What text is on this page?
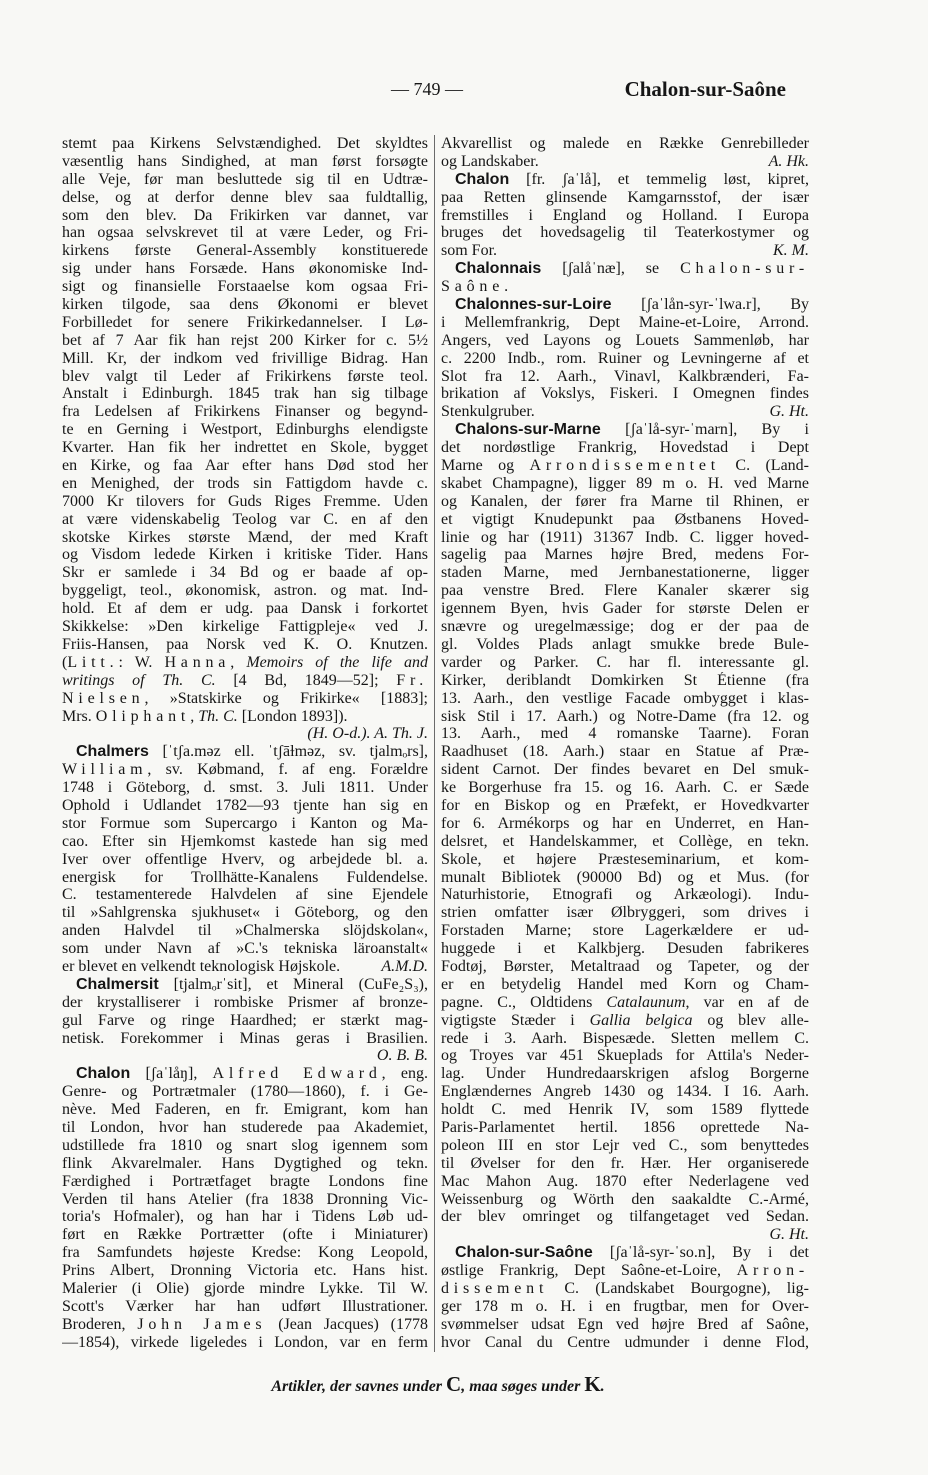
— 749 —	Chalon-sur-Saône
stemt paa Kirkens Selvstændighed. Det skyldtes
væsentlig hans Sindighed, at man først forsøgte
alle Veje, før man besluttede sig til en Udtræ-
delse, og at derfor denne blev saa fuldtallig,
som den blev. Da Frikirken var dannet, var
han ogsaa selvskrevet til at være Leder, og Fri-
kirkens første General-Assembly konstituerede
sig under hans Forsæde. Hans økonomiske Ind-
sigt og finansielle Forstaaelse kom ogsaa Fri-
kirken tilgode, saa dens Økonomi er blevet
Forbilledet for senere Frikirkedannelser. I Lø-
bet af 7 Aar fik han rejst 200 Kirker for c. 5½
Mill. Kr, der indkom ved frivillige Bidrag. Han
blev valgt til Leder af Frikirkens første teol.
Anstalt i Edinburgh. 1845 trak han sig tilbage
fra Ledelsen af Frikirkens Finanser og begynd-
te en Gerning i Westport, Edinburghs elendigste
Kvarter. Han fik her indrettet en Skole, bygget
en Kirke, og faa Aar efter hans Død stod her
en Menighed, der trods sin Fattigdom havde c.
7000 Kr tilovers for Guds Riges Fremme. Uden
at være videnskabelig Teolog var C. en af den
skotske Kirkes største Mænd, der med Kraft
og Visdom ledede Kirken i kritiske Tider. Hans
Skr er samlede i 34 Bd og er baade af op-
byggeligt, teol., økonomisk, astron. og mat. Ind-
hold. Et af dem er udg. paa Dansk i forkortet
Skikkelse: »Den kirkelige Fattigpleje« ved J.
Friis-Hansen, paa Norsk ved K. O. Knutzen.
(Litt.: W. Hanna, Memoirs of the life and
writings of Th. C. [4 Bd, 1849—52]; Fr.
Nielsen, »Statskirke og Frikirke« [1883];
Mrs. Oliphant, Th. C. [London 1893]).
(H. O-d.). A. Th. J.
Chalmers [ˈtʃa.məz ell. ˈtʃāɫməz, sv. tjalmₒrs],
William, sv. Købmand, f. af eng. Forældre
1748 i Göteborg, d. smst. 3. Juli 1811. Under
Ophold i Udlandet 1782—93 tjente han sig en
stor Formue som Supercargo i Kanton og Ma-
cao. Efter sin Hjemkomst kastede han sig med
Iver over offentlige Hverv, og arbejdede bl. a.
energisk for Trollhätte-Kanalens Fuldendelse.
C. testamenterede Halvdelen af sine Ejendele
til »Sahlgrenska sjukhuset« i Göteborg, og den
anden Halvdel til »Chalmerska slöjdskolan«,
som under Navn af »C.'s tekniska läroanstalt«
er blevet en velkendt teknologisk Højskole.	A.M.D.
Chalmersit [tjalmₒrˈsit], et Mineral (CuFe₂S₃),
der krystalliserer i rombiske Prismer af bronze-
gul Farve og ringe Haardhed; er stærkt mag-
netisk. Forekommer i Minas geras i Brasilien.
O. B. B.
Chalon [ʃaˈlåŋ], Alfred Edward, eng.
Genre- og Portrætmaler (1780—1860), f. i Ge-
nève. Med Faderen, en fr. Emigrant, kom han
til London, hvor han studerede paa Akademiet,
udstillede fra 1810 og snart slog igennem som
flink Akvarelmaler. Hans Dygtighed og tekn.
Færdighed i Portrætfaget bragte Londons fine
Verden til hans Atelier (fra 1838 Dronning Vic-
toria's Hofmaler), og han har i Tidens Løb ud-
ført en Række Portrætter (ofte i Miniaturer)
fra Samfundets højeste Kredse: Kong Leopold,
Prins Albert, Dronning Victoria etc. Hans hist.
Malerier (i Olie) gjorde mindre Lykke. Til W.
Scott's Værker har han udført Illustrationer.
Broderen, John James (Jean Jacques) (1778
—1854), virkede ligeledes i London, var en ferm
Akvarellist og malede en Række Genrebilleder
og Landskaber.	A. Hk.
Chalon [fr. ʃaˈlå], et temmelig løst, kipret,
paa Retten glinsende Kamgarnsstof, der især
fremstilles i England og Holland. I Europa
bruges det hovedsagelig til Teaterkostymer og
som For.	K. M.
Chalonnais [ʃalåˈnæ], se Chalon-sur-
Saône.
Chalonnes-sur-Loire [ʃaˈlån-syr-ˈlwa.r], By
i Mellemfrankrig, Dept Maine-et-Loire, Arrond.
Angers, ved Layons og Louets Sammenløb, har
c. 2200 Indb., rom. Ruiner og Levningerne af et
Slot fra 12. Aarh., Vinavl, Kalkbrænderi, Fa-
brikation af Vokslys, Fiskeri. I Omegnen findes
Stenkulgruber.	G. Ht.
Chalons-sur-Marne [ʃaˈlå-syr-ˈmarn], By i
det nordøstlige Frankrig, Hovedstad i Dept
Marne og Arrondissementet C. (Land-
skabet Champagne), ligger 89 m o. H. ved Marne
og Kanalen, der fører fra Marne til Rhinen, er
et vigtigt Knudepunkt paa Østbanens Hoved-
linie og har (1911) 31367 Indb. C. ligger hoved-
sagelig paa Marnes højre Bred, medens For-
staden Marne, med Jernbanestationerne, ligger
paa venstre Bred. Flere Kanaler skærer sig
igennem Byen, hvis Gader for største Delen er
snævre og uregelmæssige; dog er der paa de
gl. Voldes Plads anlagt smukke brede Bule-
varder og Parker. C. har fl. interessante gl.
Kirker, deriblandt Domkirken St Étienne (fra
13. Aarh., den vestlige Facade ombygget i klas-
sisk Stil i 17. Aarh.) og Notre-Dame (fra 12. og
13. Aarh., med 4 romanske Taarne). Foran
Raadhuset (18. Aarh.) staar en Statue af Præ-
sident Carnot. Der findes bevaret en Del smuk-
ke Borgerhuse fra 15. og 16. Aarh. C. er Sæde
for en Biskop og en Præfekt, er Hovedkvarter
for 6. Armékorps og har en Underret, en Han-
delsret, et Handelskammer, et Collège, en tekn.
Skole, et højere Præsteseminarium, et kom-
munalt Bibliotek (90000 Bd) og et Mus. (for
Naturhistorie, Etnografi og Arkæologi). Indu-
strien omfatter især Ølbryggeri, som drives i
Forstaden Marne; store Lagerkældere er ud-
huggede i et Kalkbjerg. Desuden fabrikeres
Fodtøj, Børster, Metaltraad og Tapeter, og der
er en betydelig Handel med Korn og Cham-
pagne. C., Oldtidens Catalaunum, var en af de
vigtigste Stæder i Gallia belgica og blev alle-
rede i 3. Aarh. Bispesæde. Sletten mellem C.
og Troyes var 451 Skueplads for Attila's Neder-
lag. Under Hundredaarskrigen afslog Borgerne
Englændernes Angreb 1430 og 1434. I 16. Aarh.
holdt C. med Henrik IV, som 1589 flyttede
Paris-Parlamentet hertil. 1856 oprettede Na-
poleon III en stor Lejr ved C., som benyttedes
til Øvelser for den fr. Hær. Her organiserede
Mac Mahon Aug. 1870 efter Nederlagene ved
Weissenburg og Wörth den saakaldte C.-Armé,
der blev omringet og tilfangetaget ved Sedan.
G. Ht.
Chalon-sur-Saône [ʃaˈlå-syr-ˈso.n], By i det
østlige Frankrig, Dept Saône-et-Loire, Arron-
dissement C. (Landskabet Bourgogne), lig-
ger 178 m o. H. i en frugtbar, men for Over-
svømmelser udsat Egn ved højre Bred af Saône,
hvor Canal du Centre udmunder i denne Flod,
Artikler, der savnes under C, maa søges under K.
